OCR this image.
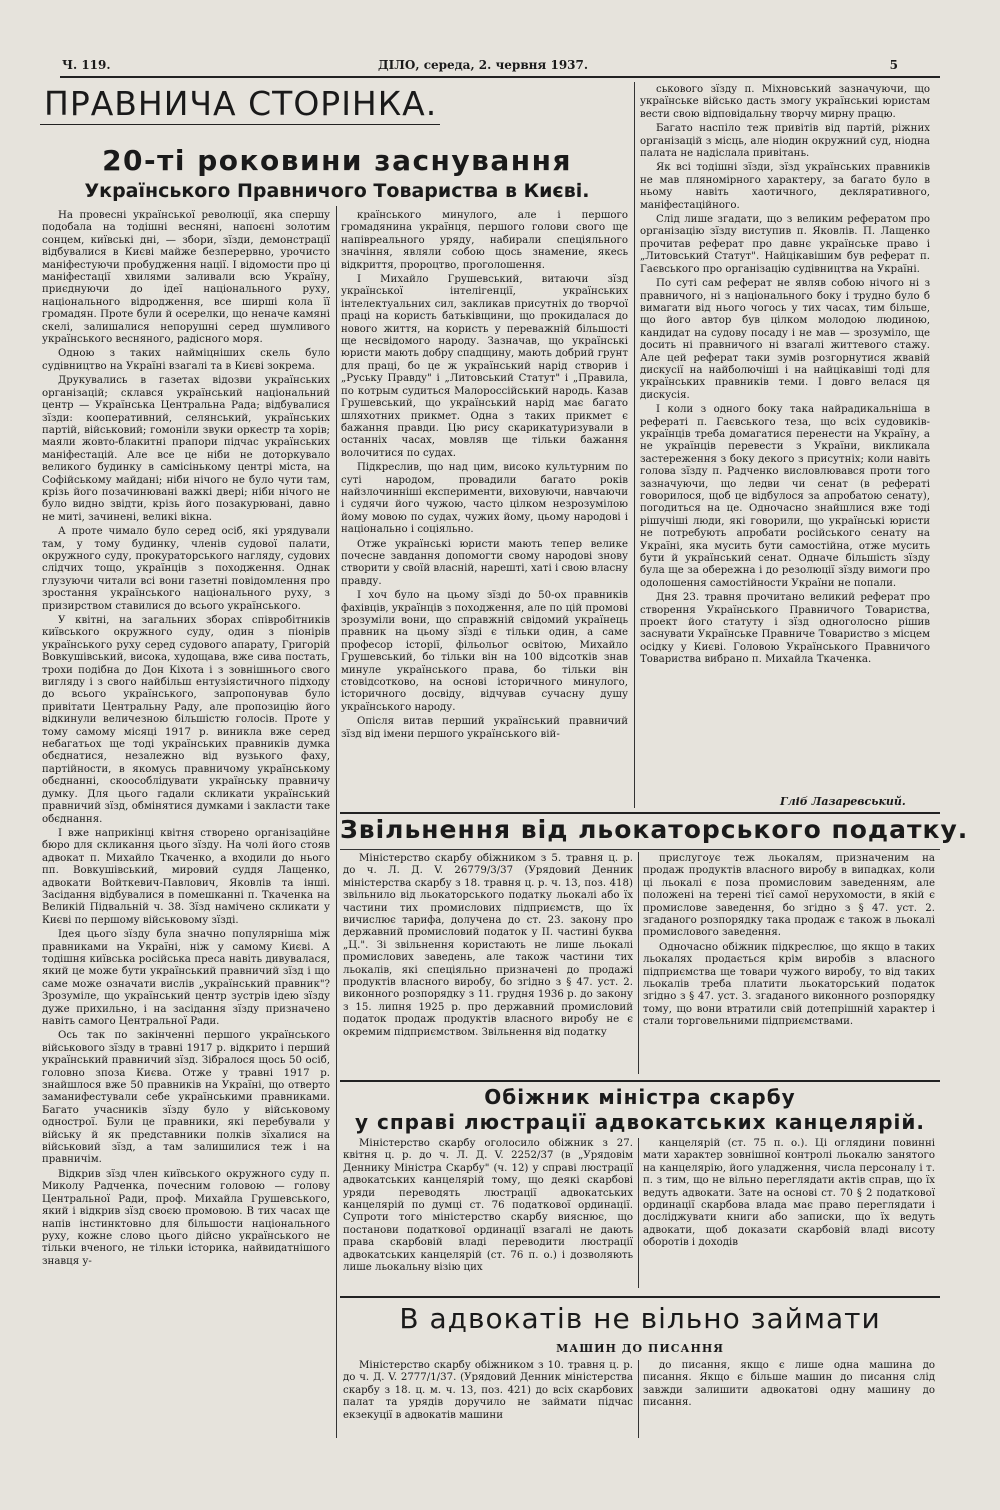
Ч. 119.	ДІЛО, середа, 2. червня 1937.	5
ПРАВНИЧА СТОРІНКА.
20-ті роковини заснування
Українського Правничого Товариства в Києві.

На провесні української революції, яка спершу подобала на тодішні весняні, напоєні золотим сонцем, київські дні, — збори, зїзди, демонстрації відбувалися в Києві майже безперервно, урочисто маніфестуючи пробудження нації. І відомости про ці маніфестації хвилями заливали всю Україну, приєднуючи до ідеї національного руху, національного відродження, все ширші кола її громадян. Проте були й осерелки, що неначе камяні скелі, залишалися непорушні серед шумливого українського весняного, радісного моря.

Одною з таких найміцніших скель було судівництво на Україні взагалі та в Києві зокрема.

Друкувались в газетах відозви українських організацій; склався український національний центр — Українська Центральна Рада; відбувалися зїзди: кооперативний, селянський, українських партій, військовий; гомоніли звуки оркестр та хорів; маяли жовто-блакитні прапори підчас українських маніфестацій. Але все це ніби не доторкувало великого будинку в самісінькому центрі міста, на Софійському майдані; ніби нічого не було чути там, крізь його позачинювані важкі двері; ніби нічого не було видно звідти, крізь його позакурювані, давно не миті, зачинені, великі вікна.

А проте чимало було серед осіб, які урядували там, у тому будинку, членів судової палати, окружного суду, прокураторського нагляду, судових слідчих тощо, українців з походження. Однак глузуючи читали всі вони газетні повідомлення про зростання українського національного руху, з призирством ставилися до всього українського.

У квітні, на загальних зборах співробітників київського окружного суду, один з піонірів українського руху серед судового апарату, Григорій Вовкушівський, висока, худощава, вже сива постать, трохи подібна до Дон Кіхота і з зовнішнього свого вигляду і з свого найбільш ентузіястичного підходу до всього українського, запропонував було привітати Центральну Раду, але пропозицію його відкинули величезною більшістю голосів. Проте у тому самому місяці 1917 р. виникла вже серед небагатьох ще тоді українських правників думка обєднатися, незалежно від вузького фаху, партійности, в якомусь правничому українському обєднанні, скоособлідувати українську правничу думку. Для цього гадали скликати український правничий зїзд, обмінятися думками і закласти таке обєднання.

І вже наприкінці квітня створено організаційне бюро для скликання цього зїзду. На чолі його стояв адвокат п. Михайло Ткаченко, а входили до нього пп. Вовкушівський, мировий суддя Лащенко, адвокати Войткевич-Павлович, Яковлів та інші. Засідання відбувалися в помешканні п. Ткаченка на Великій Підвальній ч. 38. Зїзд намічено скликати у Києві по першому військовому зїзді.

Ідея цього зїзду була значно популярніша між правниками на Україні, ніж у самому Києві. А тодішня київська російська преса навіть дивувалася, який це може бути український правничий зїзд і що саме може означати вислів „український правник"? Зрозуміле, що український центр зустрів ідею зїзду дуже прихильно, і на засідання зїзду призначено навіть самого Центральної Ради.

Ось так по закінченні першого українського військового зїзду в травні 1917 р. відкрито і перший український правничий зїзд. Зібралося щось 50 осіб, головно зпоза Києва. Отже у травні 1917 р. знайшлося вже 50 правників на Україні, що отверто заманифестували себе українськими правниками. Багато учасників зїзду було у військовому однострої. Були це правники, які перебували у війську й як представники полків зїхалися на військовий зїзд, а там залишилися теж і на правничім.

Відкрив зїзд член київського окружного суду п. Миколу Радченка, почесним головою — голову Центральної Ради, проф. Михайла Грушевського, який і відкрив зїзд своєю промовою. В тих часах ще напів інстинктовно для більшости національного руху, кожне слово цього дійсно українського не тільки вченого, не тільки історика, найвидатнішого знавця у-

країнського минулого, але і першого громадянина українця, першого голови свого ще напівреального уряду, набирали спеціяльного значіння, являли собою щось знамение, якесь відкриття, пророцтво, проголошення.

І Михайло Грушевський, витаючи зїзд української інтелігенції, українських інтелектуальних сил, закликав присутніх до творчої праці на користь батьківщини, що прокидалася до нового життя, на користь у переважній більшості ще несвідомого народу. Зазначав, що українські юристи мають добру спадщину, мають добрий грунт для праці, бо це ж український нарід створив і „Руську Правду" і „Литовський Статут" і „Правила, по котрым судиться Малороссійський народь. Казав Грушевський, що український нарід має багато шляхотних прикмет. Одна з таких прикмет є бажання правди. Цю рису скарикатуризували в останніх часах, мовляв ще тільки бажання волочитися по судах.

Підкреслив, що над цим, високо культурним по суті народом, провадили багато років найзлочинніші експерименти, виховуючи, навчаючи і судячи його чужою, часто цілком незрозумілою йому мовою по судах, чужих йому, цьому народові і національно і соціяльно.

Отже українські юристи мають тепер велике почесне завдання допомогти свому народові знову створити у своїй власній, нарешті, хаті і свою власну правду.

І хоч було на цьому зїзді до 50-ох правників фахівців, українців з походження, але по цій промові зрозуміли вони, що справжній свідомий українець правник на цьому зїзді є тільки один, а саме професор історії, фільольог освітою, Михайло Грушевський, бо тільки він на 100 відсотків знав минуле українського права, бо тільки він стовідсотково, на основі історичного минулого, історичного досвіду, відчував сучасну душу українського народу.

Опісля витав перший український правничий зїзд від імени першого українського вій-

ськового зїзду п. Міхновський зазначуючи, що українське військо дасть змогу українськиі юристам вести свою відповідальну творчу мирну працю.

Багато наспіло теж привітів від партій, ріжних організацій з місць, але ніодин окружний суд, ніодна палата не надіслала привітань.

Як всі тодішні зїзди, зїзд українських правників не мав пляномірного характеру, за багато було в ньому навіть хаотичного, декляративного, маніфестаційного.

Слід лише згадати, що з великим рефератом про організацію зїзду виступив п. Яковлів. П. Лащенко прочитав реферат про давнє українське право і „Литовський Статут". Найцікавішим був реферат п. Гаєвського про організацію судівництва на Україні.

По суті сам реферат не являв собою нічого ні з правничого, ні з національного боку і трудно було б вимагати від нього чогось у тих часах, тим більше, що його автор був цілком молодою людиною, кандидат на судову посаду і не мав — зрозуміло, ще досить ні правничого ні взагалі життевого стажу. Але цей реферат таки зумів розгорнутися жвавій дискусії на найболючіші і на найцікавіші тоді для українських правників теми. І довго велася ця дискусія.

І коли з одного боку така найрадикальніша в рефераті п. Гаєвського теза, що всіх судовиків-українців треба домагатися перенести на Україну, а не українців перевести з України, викликала застереження з боку декого з присутніх; коли навіть голова зїзду п. Радченко висловлювався проти того зазначуючи, що ледви чи сенат (в рефераті говорилося, щоб це відбулося за апробатою сенату), погодиться на це. Одночасно знайшлися вже тоді рішучіші люди, які говорили, що українські юристи не потребують апробати російського сенату на Україні, яка мусить бути самостійна, отже мусить бути й український сенат. Одначе більшість зїзду була ще за обережна і до резолюції зїзду вимоги про одолошення самостійности України не попали.

Дня 23. травня прочитано великий реферат про створення Українського Правничого Товариства, проект його статуту і зїзд одноголосно рішив заснувати Українське Правниче Товариство з місцем осідку у Києві. Головою Українського Правничого Товариства вибрано п. Михайла Ткаченка.

Гліб Лазаревський.
Звільнення від льокаторського податку.

Міністерство скарбу обіжником з 5. травня ц. р. до ч. Л. Д. V. 26779/3/37 (Урядовий Денник міністерства скарбу з 18. травня ц. р. ч. 13, поз. 418) звільнило від льокаторського податку льокалі або їх частини тих промислових підприємств, що їх вичислює тарифа, долучена до ст. 23. закону про державний промисловий податок у ІІ. частині буква „Ц.". Зі звільнення користають не лише льокалі промислових заведень, але також частини тих льокалів, які спеціяльно призначені до продажі продуктів власного виробу, бо згідно з § 47. уст. 2. виконного розпорядку з 11. грудня 1936 р. до закону з 15. липня 1925 р. про державний промисловий податок продаж продуктів власного виробу не є окремим підприємством. Звільнення від податку

прислугоує теж льокалям, призначеним на продаж продуктів власного виробу в випадках, коли ці льокалі є поза промисловим заведенням, але положені на терені тієї самої нерухомости, в якій є промислове заведення, бо згідно з § 47. уст. 2. згаданого розпорядку така продаж є також в льокалі промислового заведення.

Одночасно обіжник підкреслює, що якщо в таких льокалях продається крім виробів з власного підприємства ще товари чужого виробу, то від таких льокалів треба платити льокаторський податок згідно з § 47. уст. 3. згаданого виконного розпорядку тому, що вони втратили свій дотепрішній характер і стали торговельними підприємствами.

Обіжник міністра скарбу
у справі люстрації адвокатських канцелярій.

Міністерство скарбу оголосило обіжник з 27. квітня ц. р. до ч. Л. Д. V. 2252/37 (в „Урядовім Деннику Міністра Скарбу" (ч. 12) у справі люстрації адвокатських канцелярій тому, що деякі скарбові уряди переводять люстрації адвокатських канцелярій по думці ст. 76 податкової ординації. Супроти того міністерство скарбу вияснює, що постанови податкової ординації взагалі не дають права скарбовій владі переводити люстрації адвокатських канцелярій (ст. 76 п. о.) і дозволяють лише льокальну візію цих

канцелярій (ст. 75 п. о.). Ці оглядини повинні мати характер зовнішної контролі льокалю занятого на канцелярію, його уладження, числа персоналу і т. п. з тим, що не вільно переглядати актів справ, що їх ведуть адвокати. Зате на основі ст. 70 § 2 податкової ординації скарбова влада має право переглядати і досліджувати книги або записки, що їх ведуть адвокати, щоб доказати скарбовій владі висоту оборотів і доходів

В адвокатів не вільно займати
МАШИН ДО ПИСАННЯ

Міністерство скарбу обіжником з 10. травня ц. р. до ч. Д. V. 2777/1/37. (Урядовий Денник міністерства скарбу з 18. ц. м. ч. 13, поз. 421) до всіх скарбових палат та урядів доручило не займати підчас екзекуції в адвокатів машини

до писання, якщо є лише одна машина до писання. Якщо є більше машин до писання слід завжди залишити адвокатові одну машину до писання.
